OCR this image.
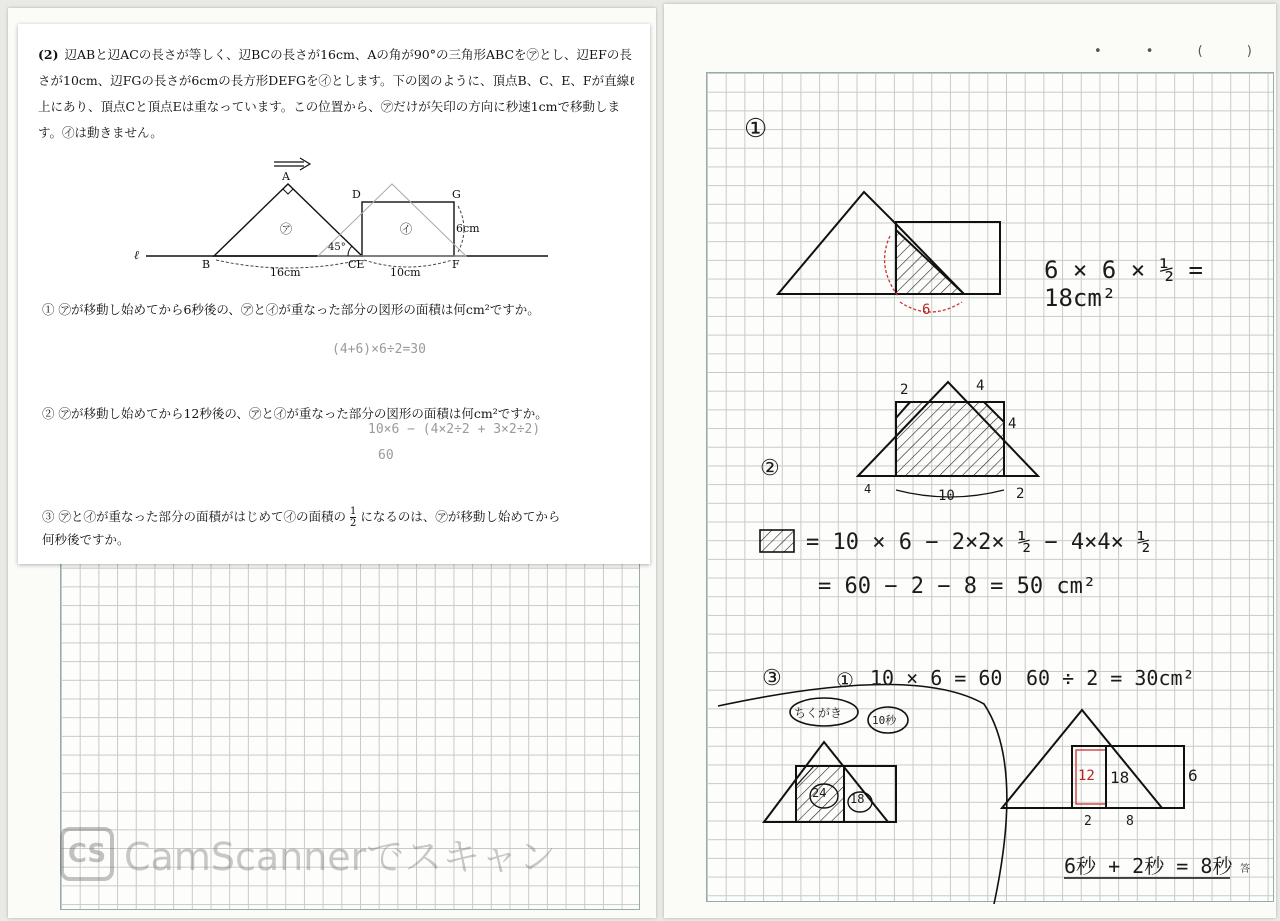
(2) 辺ABと辺ACの長さが等しく、辺BCの長さが16cm、Aの角が90°の三角形ABCを㋐とし、辺EFの長さが10cm、辺FGの長さが6cmの長方形DEFGを㋑とします。下の図のように、頂点B、C、E、Fが直線ℓ上にあり、頂点Cと頂点Eは重なっています。この位置から、㋐だけが矢印の方向に秒速1cmで移動します。㋑は動きません。
A
B	CE
D
F
G
ℓ
㋐	㋑
16cm	10cm
6cm
45°
① ㋐が移動し始めてから6秒後の、㋐と㋑が重なった部分の図形の面積は何cm²ですか。
(4+6)×6÷2=30
② ㋐が移動し始めてから12秒後の、㋐と㋑が重なった部分の図形の面積は何cm²ですか。
10×6 − (4×2÷2 + 3×2÷2)
60
③ ㋐と㋑が重なった部分の面積がはじめて㋑の面積の $\frac{1}{2}$ になるのは、㋐が移動し始めてから
何秒後ですか。
CS CamScannerでスキャン
• • ( )
①
6 × 6 × ½ = 18cm²
6
②
2	4
4
10	2
4
= 10 × 6 − 2×2× ½ − 4×4× ½
= 60 − 2 − 8 = 50 cm²
③	① 10 × 6 = 60 60 ÷ 2 = 30cm²
ちくがき
10秒
24 18
12 18	6
2	8
6秒 + 2秒 = 8秒 答
